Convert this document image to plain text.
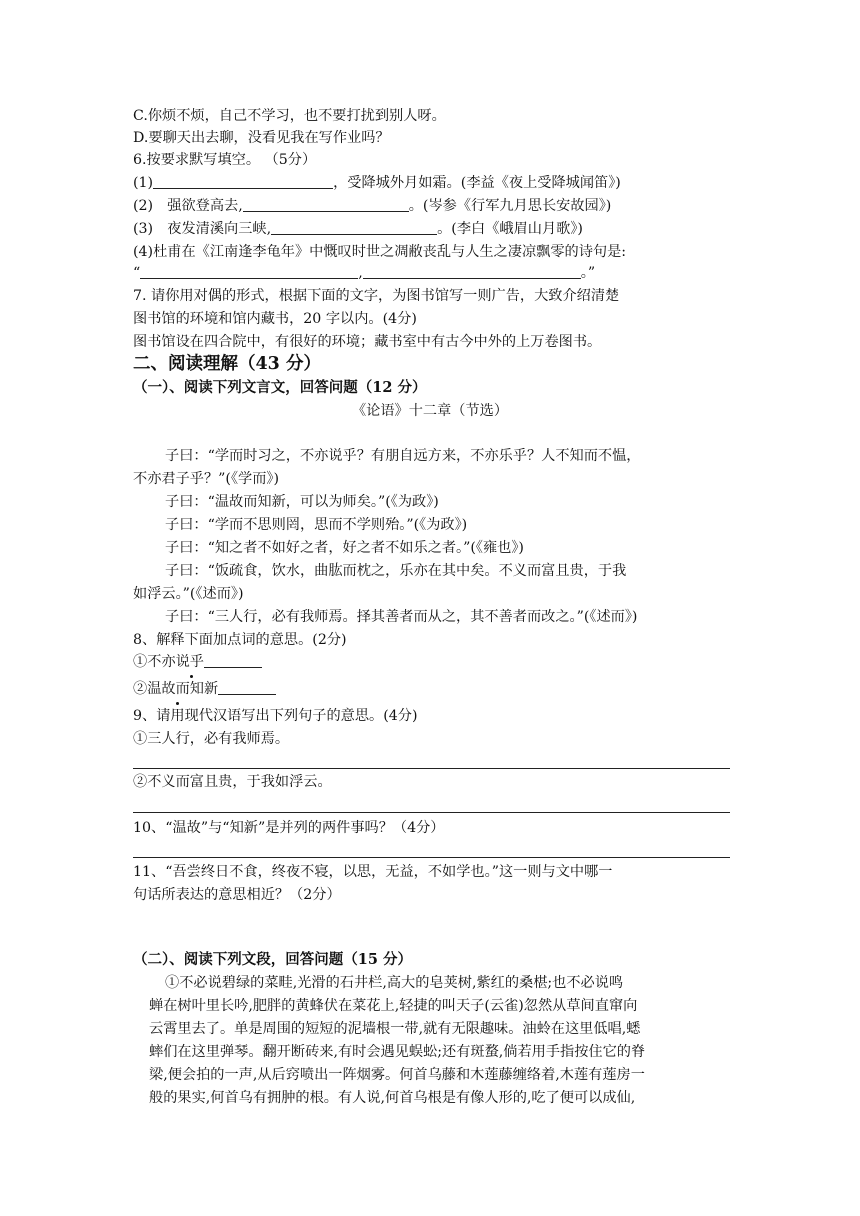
C.你烦不烦，自己不学习，也不要打扰到别人呀。
D.要聊天出去聊，没看见我在写作业吗？
6.按要求默写填空。 （5分）
(1)	，受降城外月如霜。(李益《夜上受降城闻笛》)
(2)　强欲登高去,	。(岑参《行军九月思长安故园》)
(3)　夜发清溪向三峡,	。(李白《峨眉山月歌》)
(4)杜甫在《江南逢李龟年》中慨叹时世之凋敝丧乱与人生之凄凉飘零的诗句是:
“	,	。”
7. 请你用对偶的形式，根据下面的文字，为图书馆写一则广告，大致介绍清楚
图书馆的环境和馆内藏书，20 字以内。(4分)
图书馆设在四合院中，有很好的环境；藏书室中有古今中外的上万卷图书。
二、阅读理解（43 分）
（一）、阅读下列文言文，回答问题（12 分）
《论语》十二章（节选）
子曰：“学而时习之，不亦说乎？有朋自远方来，不亦乐乎？人不知而不愠，
不亦君子乎？”(《学而》)
子曰：“温故而知新，可以为师矣。”(《为政》)
子曰：“学而不思则罔，思而不学则殆。”(《为政》)
子曰：“知之者不如好之者，好之者不如乐之者。”(《雍也》)
子曰：“饭疏食，饮水，曲肱而枕之，乐亦在其中矣。不义而富且贵，于我
如浮云。”(《述而》)
子曰：“三人行，必有我师焉。择其善者而从之，其不善者而改之。”(《述而》)
8、解释下面加点词的意思。(2分)
①不亦说乎
②温故而知新
9、请用现代汉语写出下列句子的意思。(4分)
①三人行，必有我师焉。
②不义而富且贵，于我如浮云。
10、“温故”与“知新”是并列的两件事吗？（4分）
11、“吾尝终日不食，终夜不寝，以思，无益，不如学也。”这一则与文中哪一
句话所表达的意思相近？（2分）
（二）、阅读下列文段，回答问题（15 分）
①不必说碧绿的菜畦,光滑的石井栏,高大的皂荚树,紫红的桑椹;也不必说鸣
蝉在树叶里长吟,肥胖的黄蜂伏在菜花上,轻捷的叫天子(云雀)忽然从草间直窜向
云霄里去了。单是周围的短短的泥墙根一带,就有无限趣味。油蛉在这里低唱,蟋
蟀们在这里弹琴。翻开断砖来,有时会遇见蜈蚣;还有斑蝥,倘若用手指按住它的脊
梁,便会拍的一声,从后窍喷出一阵烟雾。何首乌藤和木莲藤缠络着,木莲有莲房一
般的果实,何首乌有拥肿的根。有人说,何首乌根是有像人形的,吃了便可以成仙,
